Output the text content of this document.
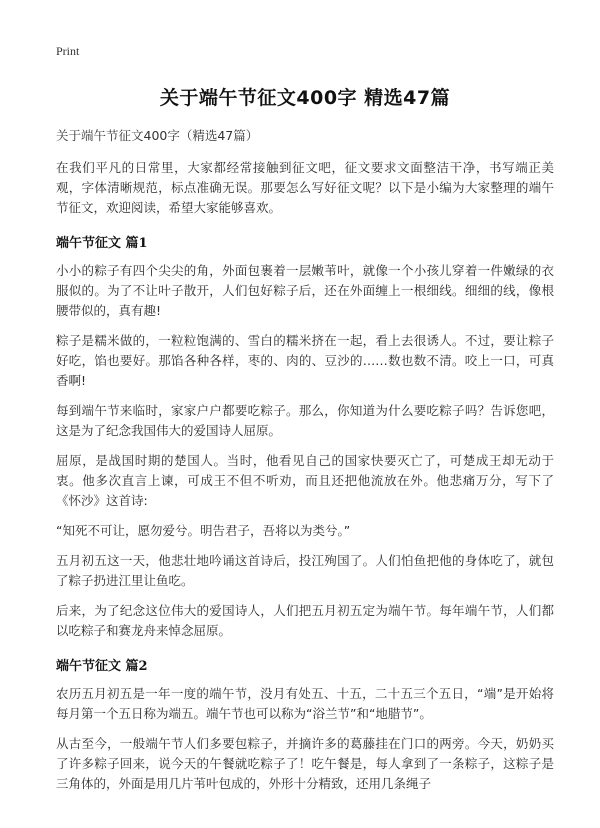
Print
关于端午节征文400字 精选47篇
关于端午节征文400字（精选47篇）

在我们平凡的日常里，大家都经常接触到征文吧，征文要求文面整洁干净，书写端正美观，字体清晰规范，标点准确无误。那要怎么写好征文呢？以下是小编为大家整理的端午节征文，欢迎阅读，希望大家能够喜欢。

端午节征文 篇1

小小的粽子有四个尖尖的角，外面包裹着一层嫩苇叶，就像一个小孩儿穿着一件嫩绿的衣服似的。为了不让叶子散开，人们包好粽子后，还在外面缠上一根细线。细细的线，像根腰带似的，真有趣!

粽子是糯米做的，一粒粒饱满的、雪白的糯米挤在一起，看上去很诱人。不过，要让粽子好吃，馅也要好。那馅各种各样，枣的、肉的、豆沙的……数也数不清。咬上一口，可真香啊!

每到端午节来临时，家家户户都要吃粽子。那么，你知道为什么要吃粽子吗？告诉您吧，这是为了纪念我国伟大的爱国诗人屈原。

屈原，是战国时期的楚国人。当时，他看见自己的国家快要灭亡了，可楚成王却无动于衷。他多次直言上谏，可成王不但不听劝，而且还把他流放在外。他悲痛万分，写下了《怀沙》这首诗:

“知死不可让，愿勿爱兮。明告君子，吾将以为类兮。”

五月初五这一天，他悲壮地吟诵这首诗后，投江殉国了。人们怕鱼把他的身体吃了，就包了粽子扔进江里让鱼吃。

后来，为了纪念这位伟大的爱国诗人，人们把五月初五定为端午节。每年端午节，人们都以吃粽子和赛龙舟来悼念屈原。

端午节征文 篇2

农历五月初五是一年一度的端午节，没月有处五、十五，二十五三个五日，“端”是开始将每月第一个五日称为端五。端午节也可以称为“浴兰节”和“地腊节”。

从古至今，一般端午节人们多要包粽子，并摘许多的葛藤挂在门口的两旁。今天，奶奶买了许多粽子回来，说今天的午餐就吃粽子了！吃午餐是，每人拿到了一条粽子，这粽子是三角体的，外面是用几片苇叶包成的，外形十分精致，还用几条绳子
